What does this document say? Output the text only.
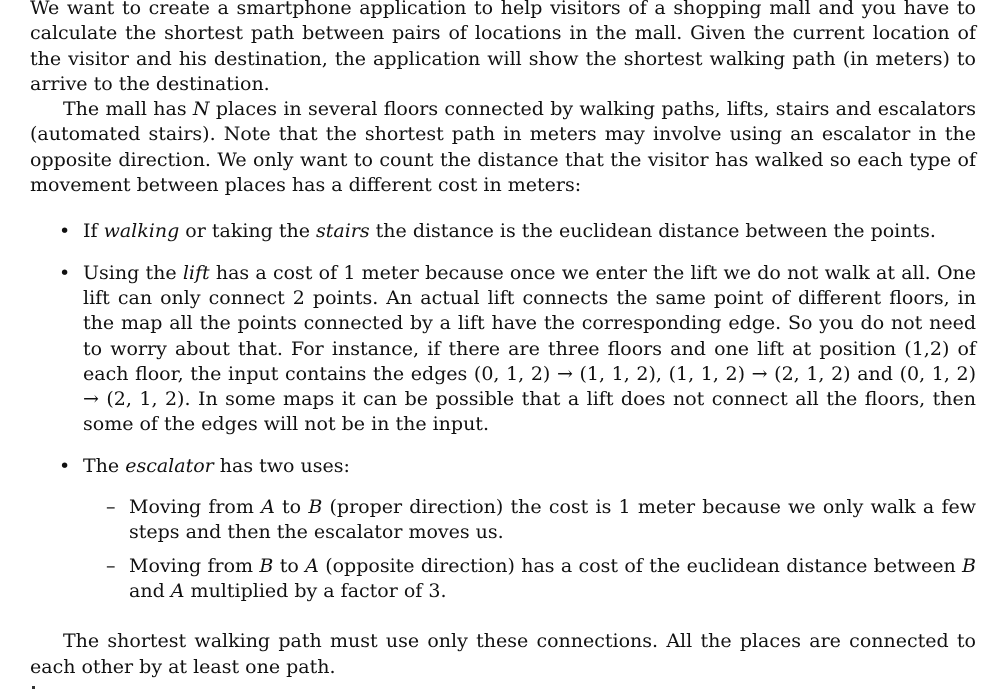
We want to create a smartphone application to help visitors of a shopping mall and you have to calculate the shortest path between pairs of locations in the mall. Given the current location of the visitor and his destination, the application will show the shortest walking path (in meters) to arrive to the destination.

The mall has N places in several floors connected by walking paths, lifts, stairs and escalators (automated stairs). Note that the shortest path in meters may involve using an escalator in the opposite direction. We only want to count the distance that the visitor has walked so each type of movement between places has a different cost in meters:

• If walking or taking the stairs the distance is the euclidean distance between the points.
• Using the lift has a cost of 1 meter because once we enter the lift we do not walk at all. One lift can only connect 2 points. An actual lift connects the same point of different floors, in the map all the points connected by a lift have the corresponding edge. So you do not need to worry about that. For instance, if there are three floors and one lift at position (1,2) of each floor, the input contains the edges (0, 1, 2) → (1, 1, 2), (1, 1, 2) → (2, 1, 2) and (0, 1, 2) → (2, 1, 2). In some maps it can be possible that a lift does not connect all the floors, then some of the edges will not be in the input.
• The escalator has two uses:
– Moving from A to B (proper direction) the cost is 1 meter because we only walk a few steps and then the escalator moves us.
– Moving from B to A (opposite direction) has a cost of the euclidean distance between B and A multiplied by a factor of 3.

The shortest walking path must use only these connections. All the places are connected to each other by at least one path.
